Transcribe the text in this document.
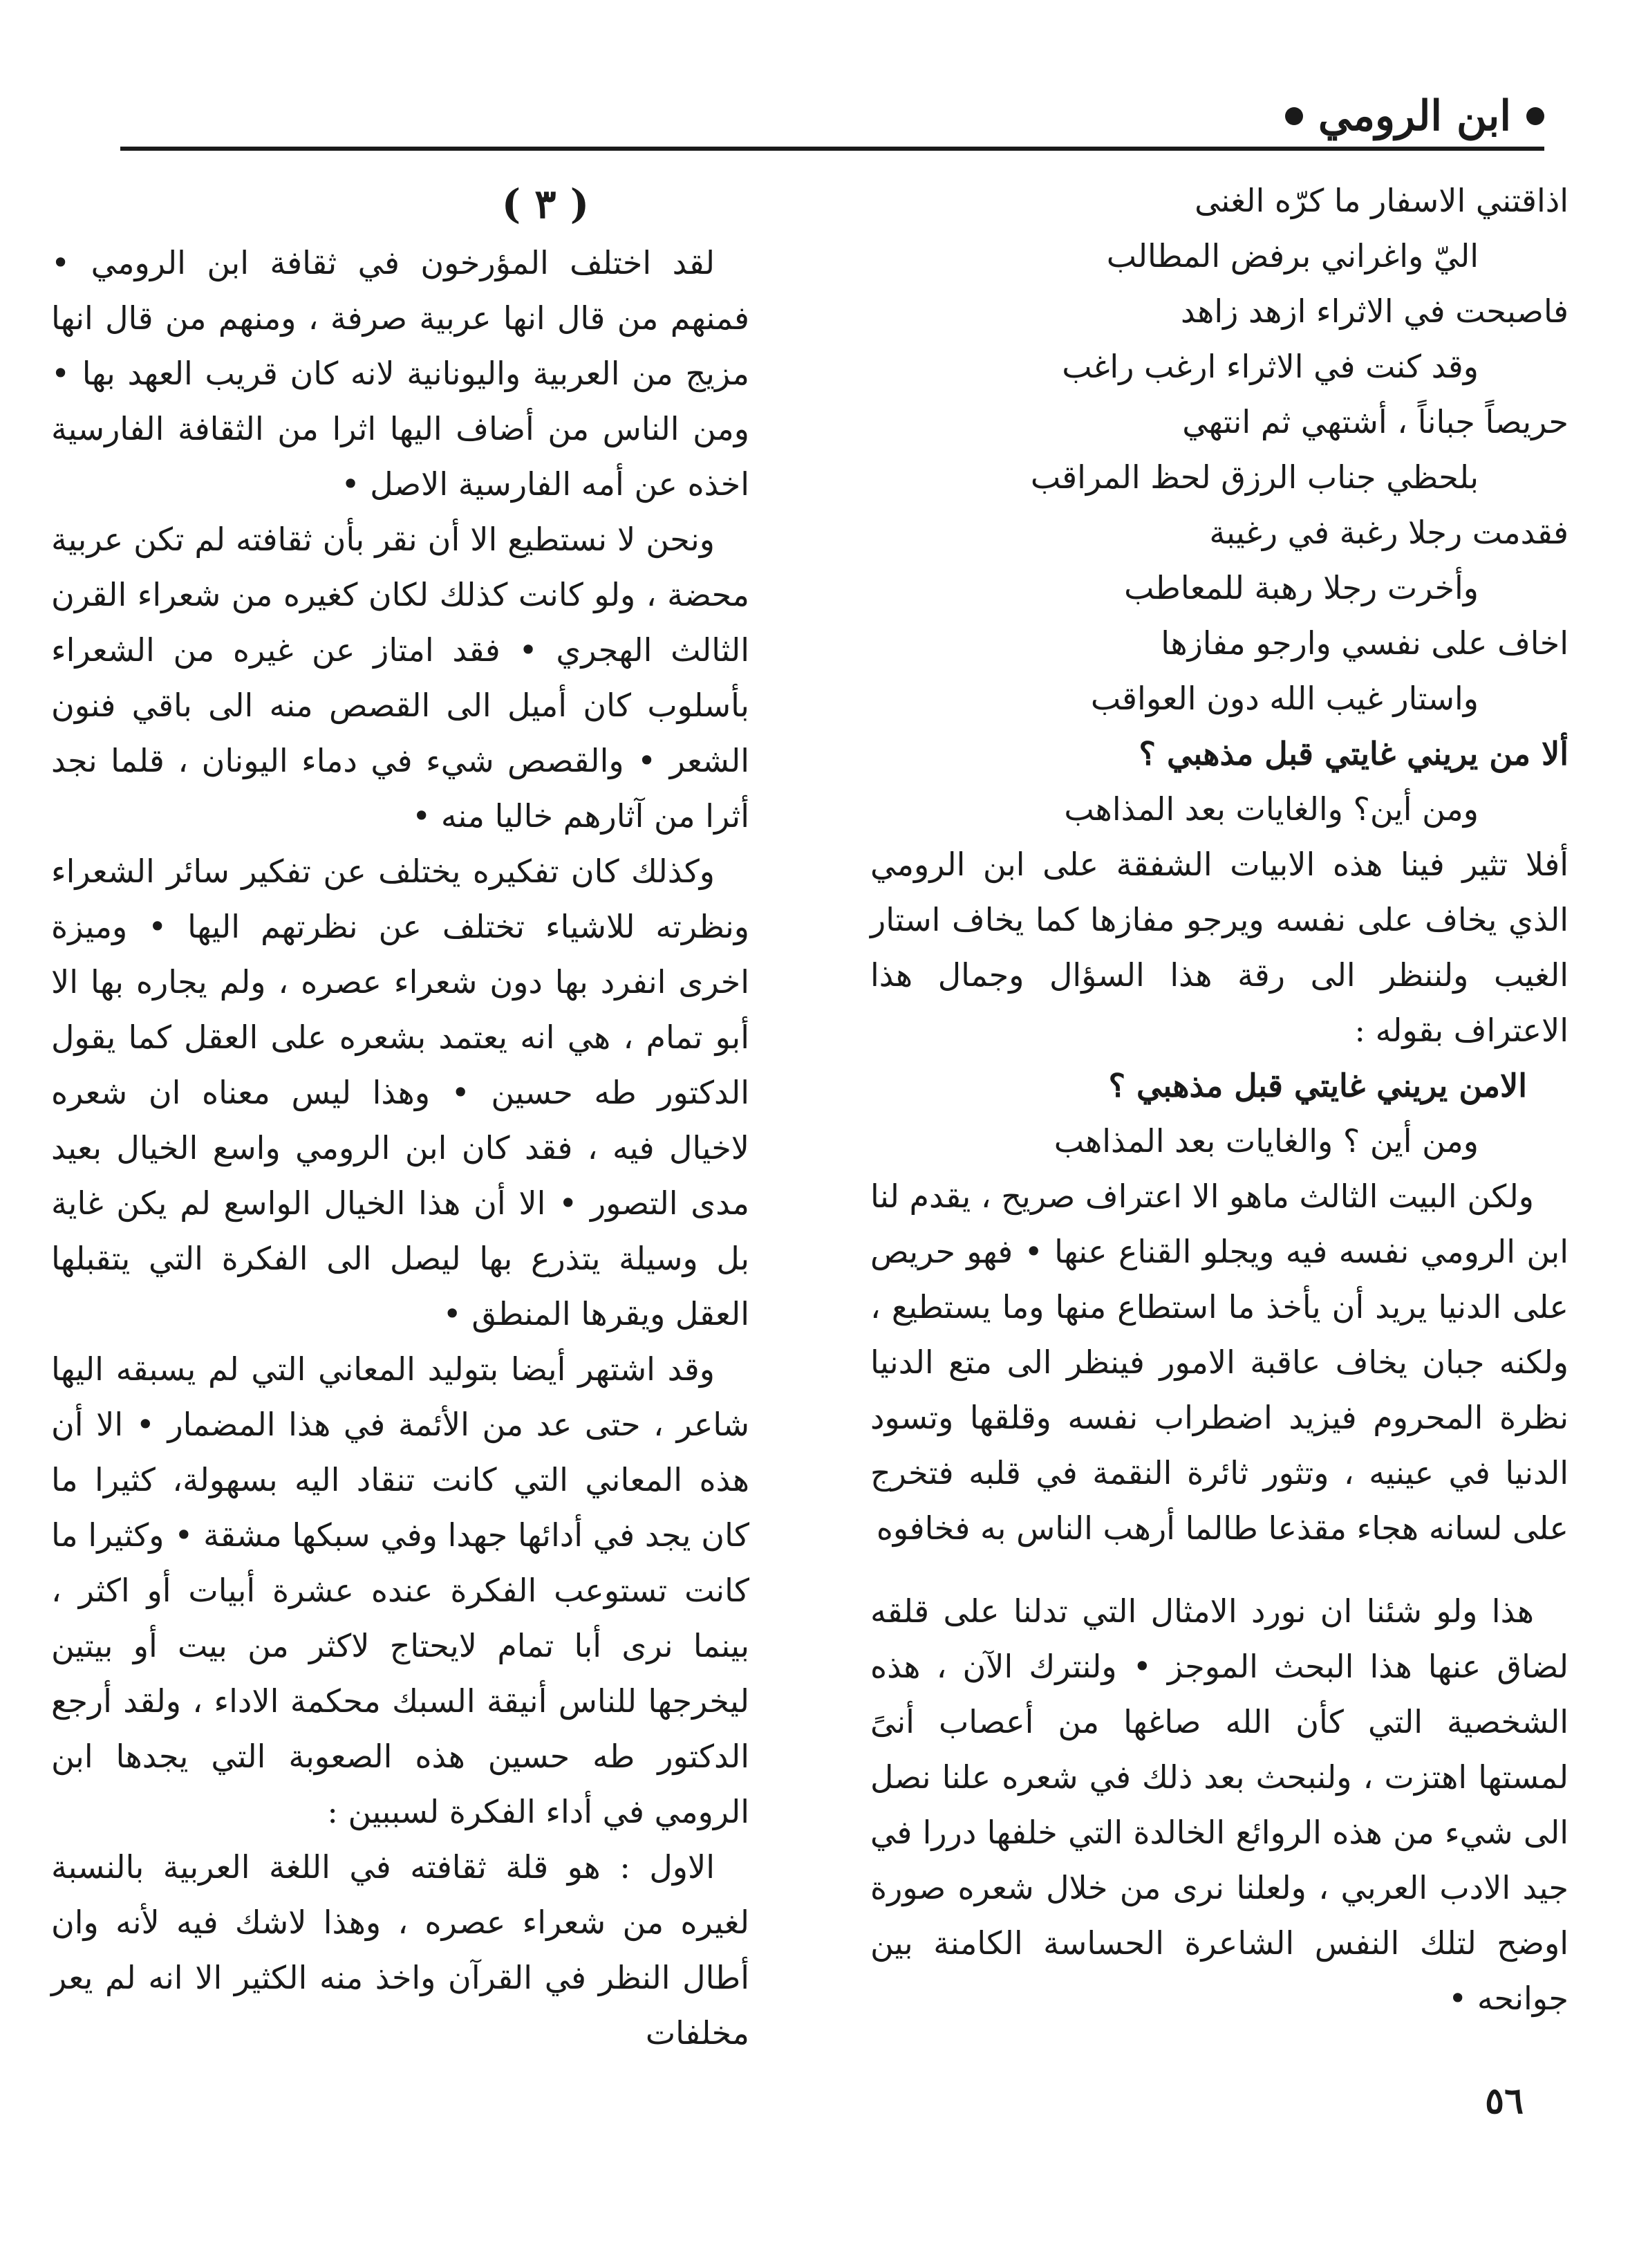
ابن الرومي
اذاقتني الاسفار ما كرّه الغنى
اليّ واغراني برفض المطالب
فاصبحت في الاثراء ازهد زاهد
وقد كنت في الاثراء ارغب راغب
حريصاً جباناً ، أشتهي ثم انتهي
بلحظي جناب الرزق لحظ المراقب
فقدمت رجلا رغبة في رغيبة
وأخرت رجلا رهبة للمعاطب
اخاف على نفسي وارجو مفازها
واستار غيب الله دون العواقب
ألا من يريني غايتي قبل مذهبي ؟
ومن أين؟ والغايات بعد المذاهب

أفلا تثير فينا هذه الابيات الشفقة على ابن الرومي الذي يخاف على نفسه ويرجو مفازها كما يخاف استار الغيب ولننظر الى رقة هذا السؤال وجمال هذا الاعتراف بقوله :

الامن يريني غايتي قبل مذهبي ؟
ومن أين ؟ والغايات بعد المذاهب

ولكن البيت الثالث ماهو الا اعتراف صريح ، يقدم لنا ابن الرومي نفسه فيه ويجلو القناع عنها • فهو حريص على الدنيا يريد أن يأخذ ما استطاع منها وما يستطيع ، ولكنه جبان يخاف عاقبة الامور فينظر الى متع الدنيا نظرة المحروم فيزيد اضطراب نفسه وقلقها وتسود الدنيا في عينيه ، وتثور ثائرة النقمة في قلبه فتخرج على لسانه هجاء مقذعا طالما أرهب الناس به فخافوه

هذا ولو شئنا ان نورد الامثال التي تدلنا على قلقه لضاق عنها هذا البحث الموجز • ولنترك الآن ، هذه الشخصية التي كأن الله صاغها من أعصاب أنىً لمستها اهتزت ، ولنبحث بعد ذلك في شعره علنا نصل الى شيء من هذه الروائع الخالدة التي خلفها دررا في جيد الادب العربي ، ولعلنا نرى من خلال شعره صورة اوضح لتلك النفس الشاعرة الحساسة الكامنة بين جوانحه •

( ٣ )

لقد اختلف المؤرخون في ثقافة ابن الرومي • فمنهم من قال انها عربية صرفة ، ومنهم من قال انها مزيج من العربية واليونانية لانه كان قريب العهد بها • ومن الناس من أضاف اليها اثرا من الثقافة الفارسية اخذه عن أمه الفارسية الاصل •

ونحن لا نستطيع الا أن نقر بأن ثقافته لم تكن عربية محضة ، ولو كانت كذلك لكان كغيره من شعراء القرن الثالث الهجري • فقد امتاز عن غيره من الشعراء بأسلوب كان أميل الى القصص منه الى باقي فنون الشعر • والقصص شيء في دماء اليونان ، قلما نجد أثرا من آثارهم خاليا منه •

وكذلك كان تفكيره يختلف عن تفكير سائر الشعراء ونظرته للاشياء تختلف عن نظرتهم اليها • وميزة اخرى انفرد بها دون شعراء عصره ، ولم يجاره بها الا أبو تمام ، هي انه يعتمد بشعره على العقل كما يقول الدكتور طه حسين • وهذا ليس معناه ان شعره لاخيال فيه ، فقد كان ابن الرومي واسع الخيال بعيد مدى التصور • الا أن هذا الخيال الواسع لم يكن غاية بل وسيلة يتذرع بها ليصل الى الفكرة التي يتقبلها العقل ويقرها المنطق •

وقد اشتهر أيضا بتوليد المعاني التي لم يسبقه اليها شاعر ، حتى عد من الأئمة في هذا المضمار • الا أن هذه المعاني التي كانت تنقاد اليه بسهولة، كثيرا ما كان يجد في أدائها جهدا وفي سبكها مشقة • وكثيرا ما كانت تستوعب الفكرة عنده عشرة أبيات أو اكثر ، بينما نرى أبا تمام لايحتاج لاكثر من بيت أو بيتين ليخرجها للناس أنيقة السبك محكمة الاداء ، ولقد أرجع الدكتور طه حسين هذه الصعوبة التي يجدها ابن الرومي في أداء الفكرة لسببين :

الاول : هو قلة ثقافته في اللغة العربية بالنسبة لغيره من شعراء عصره ، وهذا لاشك فيه لأنه وان أطال النظر في القرآن واخذ منه الكثير الا انه لم يعر مخلفات

٥٦
